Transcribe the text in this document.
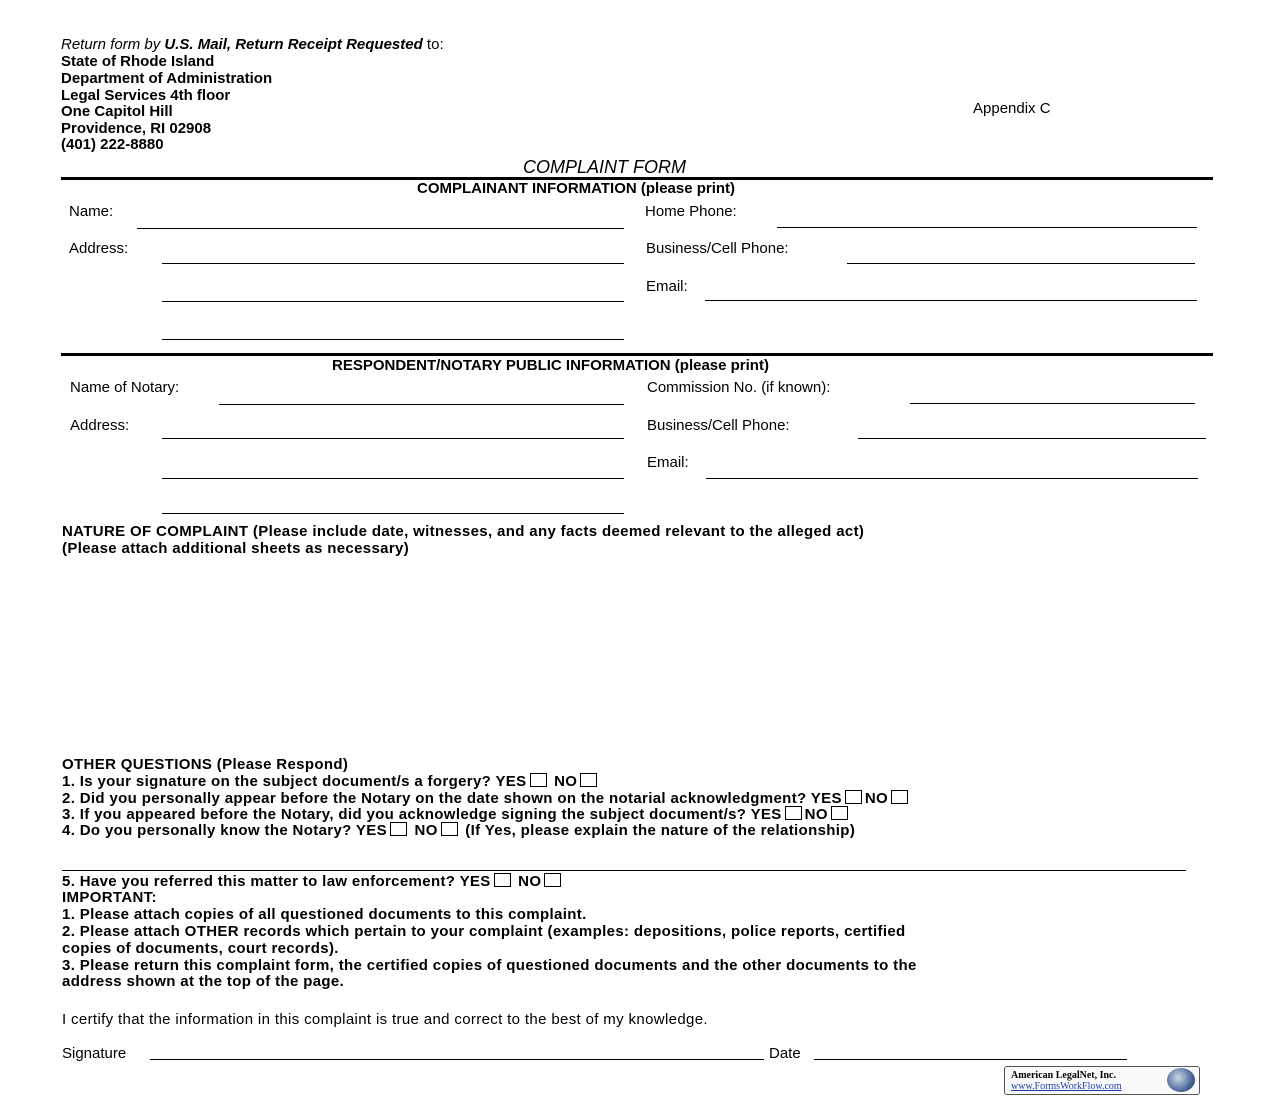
Return form by U.S. Mail, Return Receipt Requested to:
State of Rhode Island
Department of Administration
Legal Services 4th floor
One Capitol Hill
Providence, RI 02908
(401) 222-8880
Appendix C
COMPLAINT FORM
COMPLAINANT INFORMATION (please print)
Name:
Address:
Home Phone:
Business/Cell Phone:
Email:
RESPONDENT/NOTARY PUBLIC INFORMATION (please print)
Name of Notary:
Address:
Commission No. (if known):
Business/Cell Phone:
Email:
NATURE OF COMPLAINT (Please include date, witnesses, and any facts deemed relevant to the alleged act)
(Please attach additional sheets as necessary)
OTHER QUESTIONS (Please Respond)
1. Is your signature on the subject document/s a forgery? YES NO
2. Did you personally appear before the Notary on the date shown on the notarial acknowledgment? YES NO
3. If you appeared before the Notary, did you acknowledge signing the subject document/s? YES NO
4. Do you personally know the Notary? YES NO (If Yes, please explain the nature of the relationship)
5. Have you referred this matter to law enforcement? YES NO
IMPORTANT:
1. Please attach copies of all questioned documents to this complaint.
2. Please attach OTHER records which pertain to your complaint (examples: depositions, police reports, certified
copies of documents, court records).
3. Please return this complaint form, the certified copies of questioned documents and the other documents to the
address shown at the top of the page.
I certify that the information in this complaint is true and correct to the best of my knowledge.
Signature	Date
American LegalNet, Inc.
www.FormsWorkFlow.com
